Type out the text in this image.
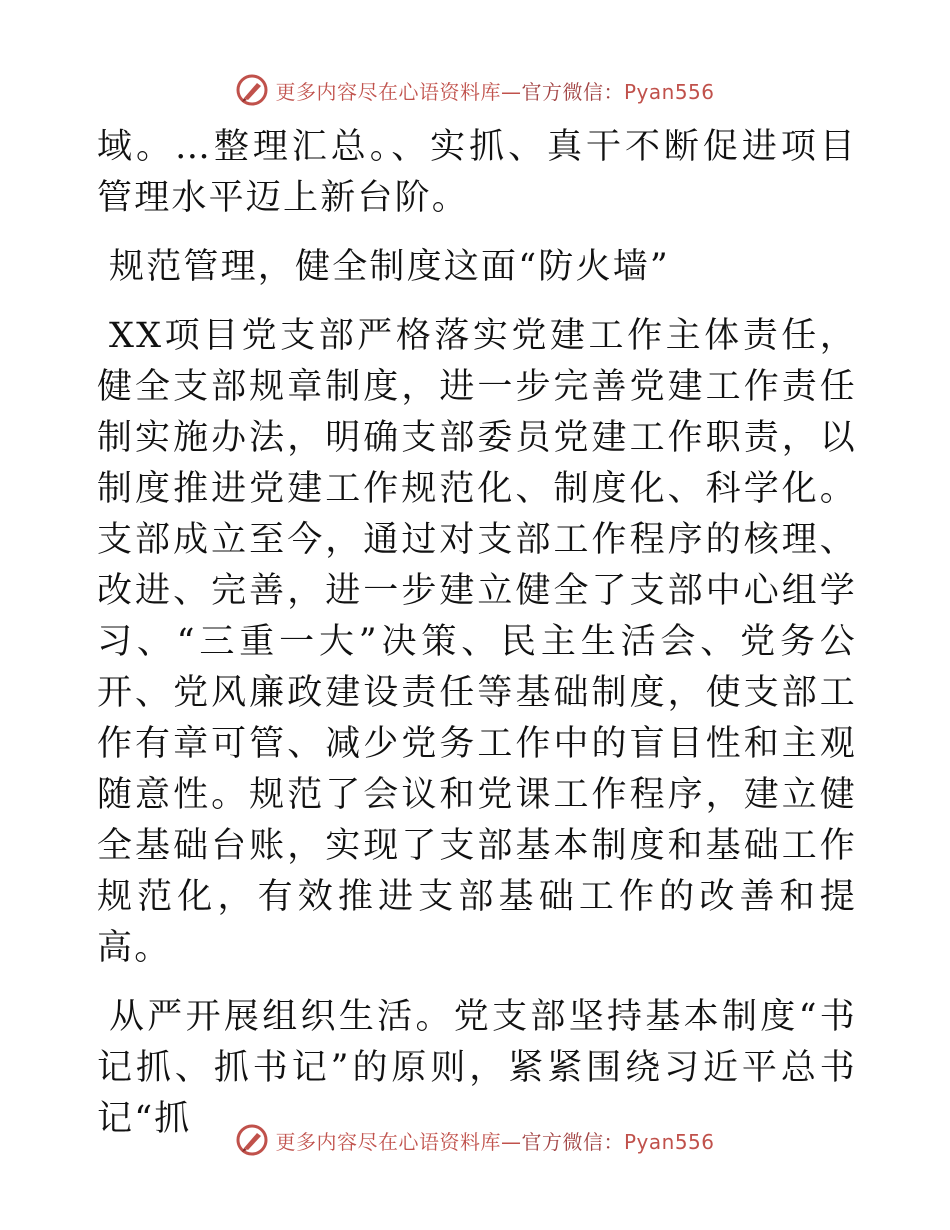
更多内容尽在心语资料库—官方微信：Pyan556

域。…整理汇总。、实抓、真干不断促进项目管理水平迈上新台阶。

规范管理，健全制度这面“防火墙”

XX项目党支部严格落实党建工作主体责任，健全支部规章制度，进一步完善党建工作责任制实施办法，明确支部委员党建工作职责，以制度推进党建工作规范化、制度化、科学化。支部成立至今，通过对支部工作程序的核理、改进、完善，进一步建立健全了支部中心组学习、“三重一大”决策、民主生活会、党务公开、党风廉政建设责任等基础制度，使支部工作有章可管、减少党务工作中的盲目性和主观随意性。规范了会议和党课工作程序，建立健全基础台账，实现了支部基本制度和基础工作规范化，有效推进支部基础工作的改善和提高。

从严开展组织生活。党支部坚持基本制度“书记抓、抓书记”的原则，紧紧围绕习近平总书记“抓

更多内容尽在心语资料库—官方微信：Pyan556
